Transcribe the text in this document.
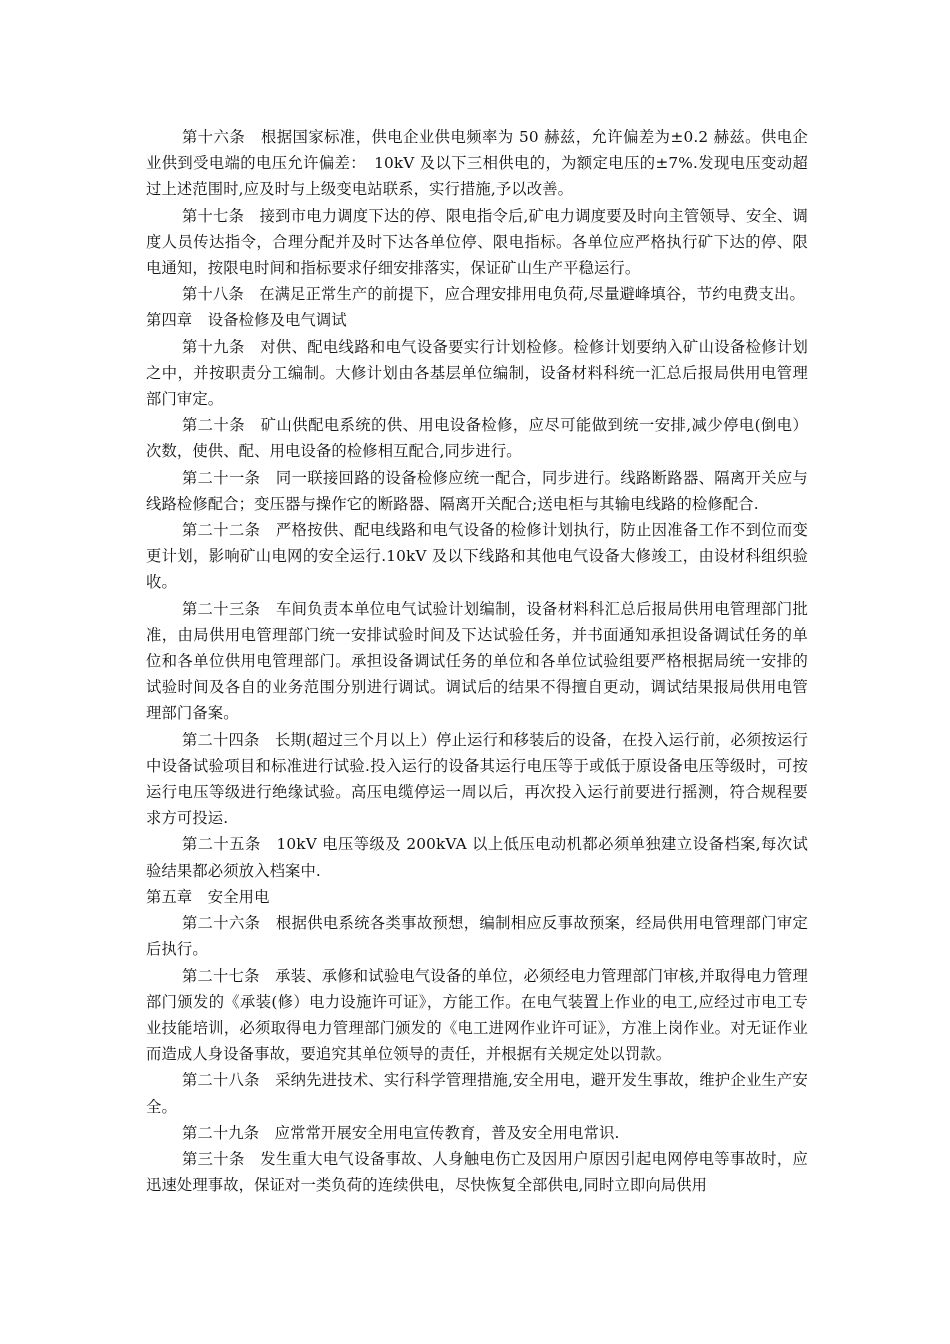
第十六条　根据国家标准，供电企业供电频率为 50 赫兹，允许偏差为±0.2 赫兹。供电企业供到受电端的电压允许偏差：　10kV 及以下三相供电的，为额定电压的±7%.发现电压变动超过上述范围时,应及时与上级变电站联系，实行措施,予以改善。

第十七条　接到市电力调度下达的停、限电指令后,矿电力调度要及时向主管领导、安全、调度人员传达指令，合理分配并及时下达各单位停、限电指标。各单位应严格执行矿下达的停、限电通知，按限电时间和指标要求仔细安排落实，保证矿山生产平稳运行。

第十八条　在满足正常生产的前提下，应合理安排用电负荷,尽量避峰填谷，节约电费支出。

第四章　设备检修及电气调试

第十九条　对供、配电线路和电气设备要实行计划检修。检修计划要纳入矿山设备检修计划之中，并按职责分工编制。大修计划由各基层单位编制，设备材料科统一汇总后报局供用电管理部门审定。

第二十条　矿山供配电系统的供、用电设备检修，应尽可能做到统一安排,减少停电(倒电）次数，使供、配、用电设备的检修相互配合,同步进行。

第二十一条　同一联接回路的设备检修应统一配合，同步进行。线路断路器、隔离开关应与线路检修配合；变压器与操作它的断路器、隔离开关配合;送电柜与其输电线路的检修配合.

第二十二条　严格按供、配电线路和电气设备的检修计划执行，防止因准备工作不到位而变更计划，影响矿山电网的安全运行.10kV 及以下线路和其他电气设备大修竣工，由设材科组织验收。

第二十三条　车间负责本单位电气试验计划编制，设备材料科汇总后报局供用电管理部门批准，由局供用电管理部门统一安排试验时间及下达试验任务，并书面通知承担设备调试任务的单位和各单位供用电管理部门。承担设备调试任务的单位和各单位试验组要严格根据局统一安排的试验时间及各自的业务范围分别进行调试。调试后的结果不得擅自更动，调试结果报局供用电管理部门备案。

第二十四条　长期(超过三个月以上）停止运行和移装后的设备，在投入运行前，必须按运行中设备试验项目和标准进行试验.投入运行的设备其运行电压等于或低于原设备电压等级时，可按运行电压等级进行绝缘试验。高压电缆停运一周以后，再次投入运行前要进行摇测，符合规程要求方可投运.

第二十五条　10kV 电压等级及 200kVA 以上低压电动机都必须单独建立设备档案,每次试验结果都必须放入档案中.

第五章　安全用电

第二十六条　根据供电系统各类事故预想，编制相应反事故预案，经局供用电管理部门审定后执行。

第二十七条　承装、承修和试验电气设备的单位，必须经电力管理部门审核,并取得电力管理部门颁发的《承装(修）电力设施许可证》，方能工作。在电气装置上作业的电工,应经过市电工专业技能培训，必须取得电力管理部门颁发的《电工进网作业许可证》，方准上岗作业。对无证作业而造成人身设备事故，要追究其单位领导的责任，并根据有关规定处以罚款。

第二十八条　采纳先进技术、实行科学管理措施,安全用电，避开发生事故，维护企业生产安全。

第二十九条　应常常开展安全用电宣传教育，普及安全用电常识.

第三十条　发生重大电气设备事故、人身触电伤亡及因用户原因引起电网停电等事故时，应迅速处理事故，保证对一类负荷的连续供电，尽快恢复全部供电,同时立即向局供用
